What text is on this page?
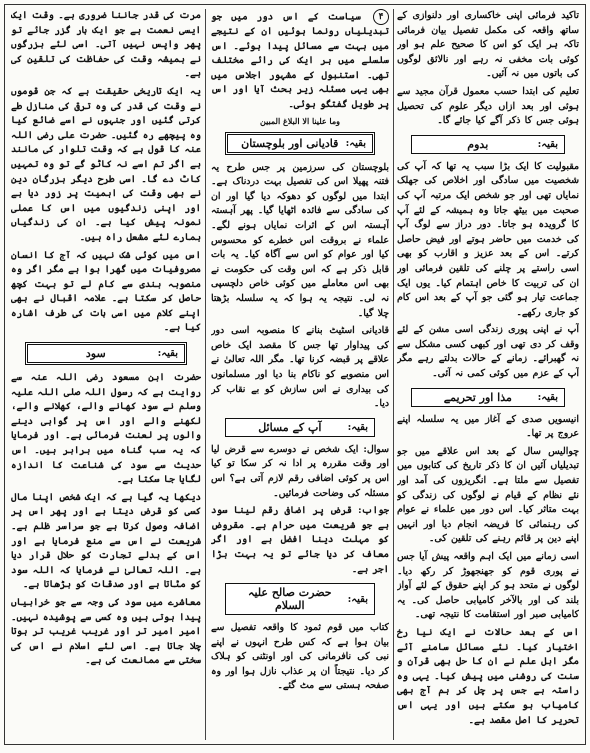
تاکید فرمائی اپنی خاکساری اور دلنوازی کے ساتھ واقعہ کی مکمل تفصیل بیان فرمائی تاکہ ہر ایک کو اس کا صحیح علم ہو اور کوئی بات مخفی نہ رہے اور نالائق لوگوں کی باتوں میں نہ آئیں۔

تعلیم کی ابتدا حسب معمول قرآن مجید سے ہوئی اور بعد ازاں دیگر علوم کی تحصیل ہوئی جس کا ذکر آگے کیا جائے گا۔

بقیہ:
بدوم

مقبولیت کا ایک بڑا سبب یہ تھا کہ آپ کی شخصیت میں سادگی اور اخلاص کی جھلک نمایاں تھی اور جو شخص ایک مرتبہ آپ کی صحبت میں بیٹھ جاتا وہ ہمیشہ کے لئے آپ کا گرویدہ ہو جاتا۔ دور دراز سے لوگ آپ کی خدمت میں حاضر ہوتے اور فیض حاصل کرتے۔ اس کے بعد عزیز و اقارب کو بھی اسی راستے پر چلنے کی تلقین فرمائی اور ان کی تربیت کا خاص اہتمام کیا۔ یوں ایک جماعت تیار ہو گئی جو آپ کے بعد اس کام کو جاری رکھے۔

آپ نے اپنی پوری زندگی اسی مشن کے لئے وقف کر دی تھی اور کبھی کسی مشکل سے نہ گھبرائے۔ زمانے کے حالات بدلتے رہے مگر آپ کے عزم میں کوئی کمی نہ آئی۔

بقیہ:
مذا اور تحریمے

انیسویں صدی کے آغاز میں یہ سلسلہ اپنے عروج پر تھا۔

چوالیس سال کے بعد اس علاقے میں جو تبدیلیاں آئیں ان کا ذکر تاریخ کی کتابوں میں تفصیل سے ملتا ہے۔ انگریزوں کی آمد اور نئے نظام کے قیام نے لوگوں کی زندگی کو بہت متاثر کیا۔ اس دور میں علماء نے عوام کی رہنمائی کا فریضہ انجام دیا اور انہیں اپنے دین پر قائم رہنے کی تلقین کی۔

اسی زمانے میں ایک اہم واقعہ پیش آیا جس نے پوری قوم کو جھنجھوڑ کر رکھ دیا۔ لوگوں نے متحد ہو کر اپنے حقوق کے لئے آواز بلند کی اور بالآخر کامیابی حاصل کی۔ یہ کامیابی صبر اور استقامت کا نتیجہ تھی۔

اس کے بعد حالات نے ایک نیا رخ اختیار کیا۔ نئے مسائل سامنے آئے مگر اہل علم نے ان کا حل بھی قرآن و سنت کی روشنی میں پیش کیا۔ یہی وہ راستہ ہے جس پر چل کر ہم آج بھی کامیاب ہو سکتے ہیں اور یہی اس تحریر کا اصل مقصد ہے۔

۴ سیاست کے اس دور میں جو تبدیلیاں رونما ہوئیں ان کے نتیجے میں بہت سے مسائل پیدا ہوئے۔ اس سلسلے میں ہر ایک کی رائے مختلف تھی۔ استنبول کے مشہور اجلاس میں بھی یہی مسئلہ زیر بحث آیا اور اس پر طویل گفتگو ہوئی۔

وما علینا الا البلاغ المبین

بقیہ:
قادیانی اور بلوچستان

بلوچستان کی سرزمین پر جس طرح یہ فتنہ پھیلا اس کی تفصیل بہت دردناک ہے۔ ابتدا میں لوگوں کو دھوکہ دیا گیا اور ان کی سادگی سے فائدہ اٹھایا گیا۔ پھر آہستہ آہستہ اس کے اثرات نمایاں ہونے لگے۔ علماء نے بروقت اس خطرے کو محسوس کیا اور عوام کو اس سے آگاہ کیا۔ یہ بات قابل ذکر ہے کہ اس وقت کی حکومت نے بھی اس معاملے میں کوئی خاص دلچسپی نہ لی۔ نتیجہ یہ ہوا کہ یہ سلسلہ بڑھتا چلا گیا۔

قادیانی اسٹیٹ بنانے کا منصوبہ اسی دور کی پیداوار تھا جس کا مقصد ایک خاص علاقے پر قبضہ کرنا تھا۔ مگر اللہ تعالیٰ نے اس منصوبے کو ناکام بنا دیا اور مسلمانوں کی بیداری نے اس سازش کو بے نقاب کر دیا۔

بقیہ:
آپ کے مسائل

سوال: ایک شخص نے دوسرے سے قرض لیا اور وقت مقررہ پر ادا نہ کر سکا تو کیا اس پر کوئی اضافی رقم لازم آتی ہے؟ اس مسئلہ کی وضاحت فرمائیں۔

جواب: قرض پر اضافی رقم لینا سود ہے جو شریعت میں حرام ہے۔ مقروض کو مہلت دینا افضل ہے اور اگر معاف کر دیا جائے تو یہ بہت بڑا اجر ہے۔

بقیہ:
حضرت صالح علیہ السلام

کتاب میں قوم ثمود کا واقعہ تفصیل سے بیان ہوا ہے کہ کس طرح انہوں نے اپنے نبی کی نافرمانی کی اور اونٹنی کو ہلاک کر دیا۔ نتیجتاً ان پر عذاب نازل ہوا اور وہ صفحہ ہستی سے مٹ گئے۔

مرت کی قدر جاننا ضروری ہے۔ وقت ایک ایسی نعمت ہے جو ایک بار گزر جائے تو پھر واپس نہیں آتی۔ اسی لئے بزرگوں نے ہمیشہ وقت کی حفاظت کی تلقین کی ہے۔

یہ ایک تاریخی حقیقت ہے کہ جن قوموں نے وقت کی قدر کی وہ ترقی کی منازل طے کرتی گئیں اور جنہوں نے اسے ضائع کیا وہ پیچھے رہ گئیں۔ حضرت علی رضی اللہ عنہ کا قول ہے کہ وقت تلوار کی مانند ہے اگر تم اسے نہ کاٹو گے تو وہ تمہیں کاٹ دے گا۔ اسی طرح دیگر بزرگان دین نے بھی وقت کی اہمیت پر زور دیا ہے اور اپنی زندگیوں میں اس کا عملی نمونہ پیش کیا ہے۔ ان کی زندگیاں ہمارے لئے مشعل راہ ہیں۔

اس میں کوئی شک نہیں کہ آج کا انسان مصروفیات میں گھرا ہوا ہے مگر اگر وہ منصوبہ بندی سے کام لے تو بہت کچھ حاصل کر سکتا ہے۔ علامہ اقبال نے بھی اپنے کلام میں اسی بات کی طرف اشارہ کیا ہے۔

بقیہ:
سود

حضرت ابن مسعود رضی اللہ عنہ سے روایت ہے کہ رسول اللہ صلی اللہ علیہ وسلم نے سود کھانے والے، کھلانے والے، لکھنے والے اور اس پر گواہی دینے والوں پر لعنت فرمائی ہے۔ اور فرمایا کہ یہ سب گناہ میں برابر ہیں۔ اس حدیث سے سود کی شناعت کا اندازہ لگایا جا سکتا ہے۔

دیکھا یہ گیا ہے کہ ایک شخص اپنا مال کسی کو قرض دیتا ہے اور پھر اس پر اضافہ وصول کرتا ہے جو سراسر ظلم ہے۔ شریعت نے اس سے منع فرمایا ہے اور اس کے بدلے تجارت کو حلال قرار دیا ہے۔ اللہ تعالیٰ نے فرمایا کہ اللہ سود کو مٹاتا ہے اور صدقات کو بڑھاتا ہے۔

معاشرے میں سود کی وجہ سے جو خرابیاں پیدا ہوتی ہیں وہ کسی سے پوشیدہ نہیں۔ امیر امیر تر اور غریب غریب تر ہوتا چلا جاتا ہے۔ اسی لئے اسلام نے اس کی سختی سے ممانعت کی ہے۔
